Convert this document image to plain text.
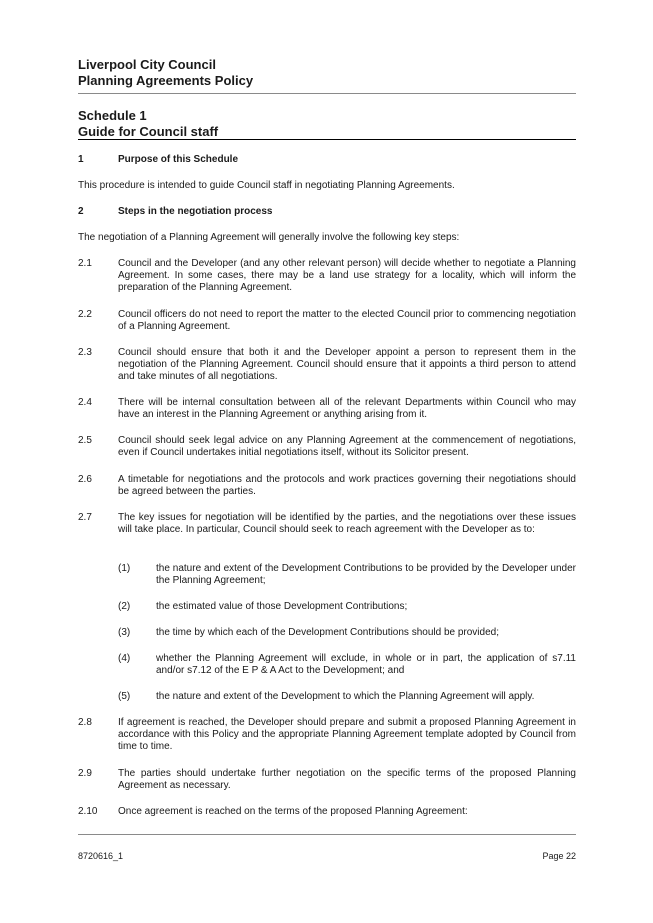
Liverpool City Council
Planning Agreements Policy
Schedule 1
Guide for Council staff
1	Purpose of this Schedule
This procedure is intended to guide Council staff in negotiating Planning Agreements.
2	Steps in the negotiation process
The negotiation of a Planning Agreement will generally involve the following key steps:
2.1	Council and the Developer (and any other relevant person) will decide whether to negotiate a Planning Agreement. In some cases, there may be a land use strategy for a locality, which will inform the preparation of the Planning Agreement.
2.2	Council officers do not need to report the matter to the elected Council prior to commencing negotiation of a Planning Agreement.
2.3	Council should ensure that both it and the Developer appoint a person to represent them in the negotiation of the Planning Agreement. Council should ensure that it appoints a third person to attend and take minutes of all negotiations.
2.4	There will be internal consultation between all of the relevant Departments within Council who may have an interest in the Planning Agreement or anything arising from it.
2.5	Council should seek legal advice on any Planning Agreement at the commencement of negotiations, even if Council undertakes initial negotiations itself, without its Solicitor present.
2.6	A timetable for negotiations and the protocols and work practices governing their negotiations should be agreed between the parties.
2.7	The key issues for negotiation will be identified by the parties, and the negotiations over these issues will take place. In particular, Council should seek to reach agreement with the Developer as to:
(1)	the nature and extent of the Development Contributions to be provided by the Developer under the Planning Agreement;
(2)	the estimated value of those Development Contributions;
(3)	the time by which each of the Development Contributions should be provided;
(4)	whether the Planning Agreement will exclude, in whole or in part, the application of s7.11 and/or s7.12 of the E P & A Act to the Development; and
(5)	the nature and extent of the Development to which the Planning Agreement will apply.
2.8	If agreement is reached, the Developer should prepare and submit a proposed Planning Agreement in accordance with this Policy and the appropriate Planning Agreement template adopted by Council from time to time.
2.9	The parties should undertake further negotiation on the specific terms of the proposed Planning Agreement as necessary.
2.10 Once agreement is reached on the terms of the proposed Planning Agreement:
8720616_1	Page 22
